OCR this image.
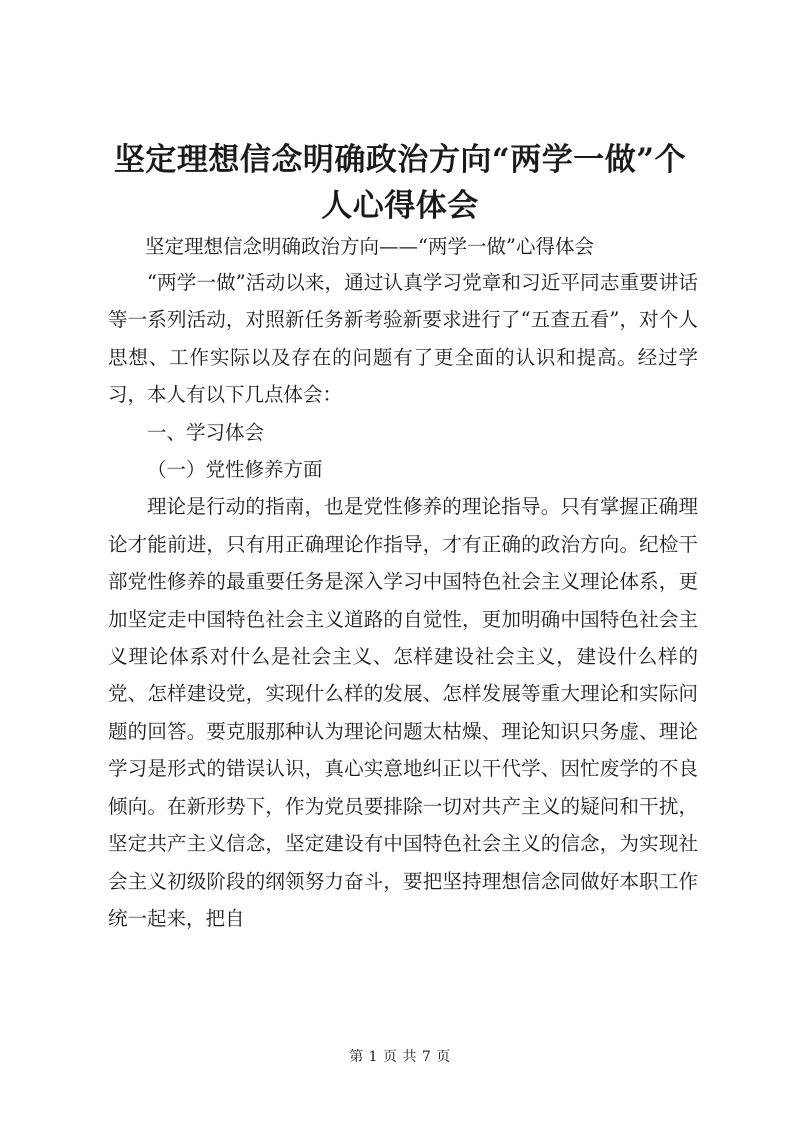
坚定理想信念明确政治方向“两学一做”个人心得体会
坚定理想信念明确政治方向——“两学一做”心得体会

“两学一做”活动以来，通过认真学习党章和习近平同志重要讲话等一系列活动，对照新任务新考验新要求进行了“五查五看”，对个人思想、工作实际以及存在的问题有了更全面的认识和提高。经过学习，本人有以下几点体会：

一、学习体会

（一）党性修养方面

理论是行动的指南，也是党性修养的理论指导。只有掌握正确理论才能前进，只有用正确理论作指导，才有正确的政治方向。纪检干部党性修养的最重要任务是深入学习中国特色社会主义理论体系，更加坚定走中国特色社会主义道路的自觉性，更加明确中国特色社会主义理论体系对什么是社会主义、怎样建设社会主义，建设什么样的党、怎样建设党，实现什么样的发展、怎样发展等重大理论和实际问题的回答。要克服那种认为理论问题太枯燥、理论知识只务虚、理论学习是形式的错误认识，真心实意地纠正以干代学、因忙废学的不良倾向。在新形势下，作为党员要排除一切对共产主义的疑问和干扰，坚定共产主义信念，坚定建设有中国特色社会主义的信念，为实现社会主义初级阶段的纲领努力奋斗，要把坚持理想信念同做好本职工作统一起来，把自

第 1 页 共 7 页
